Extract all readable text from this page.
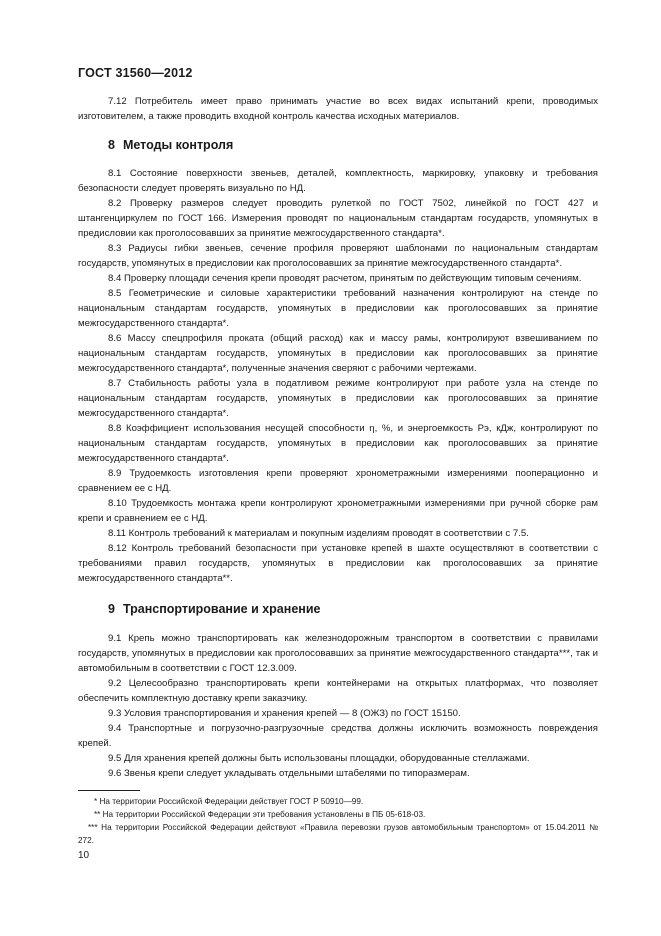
ГОСТ 31560—2012

7.12 Потребитель имеет право принимать участие во всех видах испытаний крепи, проводимых изготовителем, а также проводить входной контроль качества исходных материалов.

8 Методы контроля

8.1 Состояние поверхности звеньев, деталей, комплектность, маркировку, упаковку и требования безопасности следует проверять визуально по НД.

8.2 Проверку размеров следует проводить рулеткой по ГОСТ 7502, линейкой по ГОСТ 427 и штангенциркулем по ГОСТ 166. Измерения проводят по национальным стандартам государств, упомянутых в предисловии как проголосовавших за принятие межгосударственного стандарта*.

8.3 Радиусы гибки звеньев, сечение профиля проверяют шаблонами по национальным стандартам государств, упомянутых в предисловии как проголосовавших за принятие межгосударственного стандарта*.

8.4 Проверку площади сечения крепи проводят расчетом, принятым по действующим типовым сечениям.

8.5 Геометрические и силовые характеристики требований назначения контролируют на стенде по национальным стандартам государств, упомянутых в предисловии как проголосовавших за принятие межгосударственного стандарта*.

8.6 Массу спецпрофиля проката (общий расход) как и массу рамы, контролируют взвешиванием по национальным стандартам государств, упомянутых в предисловии как проголосовавших за принятие межгосударственного стандарта*, полученные значения сверяют с рабочими чертежами.

8.7 Стабильность работы узла в податливом режиме контролируют при работе узла на стенде по национальным стандартам государств, упомянутых в предисловии как проголосовавших за принятие межгосударственного стандарта*.

8.8 Коэффициент использования несущей способности η, %, и энергоемкость Pэ, кДж, контролируют по национальным стандартам государств, упомянутых в предисловии как проголосовавших за принятие межгосударственного стандарта*.

8.9 Трудоемкость изготовления крепи проверяют хронометражными измерениями пооперационно и сравнением ее с НД.

8.10 Трудоемкость монтажа крепи контролируют хронометражными измерениями при ручной сборке рам крепи и сравнением ее с НД.

8.11 Контроль требований к материалам и покупным изделиям проводят в соответствии с 7.5.

8.12 Контроль требований безопасности при установке крепей в шахте осуществляют в соответствии с требованиями правил государств, упомянутых в предисловии как проголосовавших за принятие межгосударственного стандарта**.

9 Транспортирование и хранение

9.1 Крепь можно транспортировать как железнодорожным транспортом в соответствии с правилами государств, упомянутых в предисловии как проголосовавших за принятие межгосударственного стандарта***, так и автомобильным в соответствии с ГОСТ 12.3.009.

9.2 Целесообразно транспортировать крепи контейнерами на открытых платформах, что позволяет обеспечить комплектную доставку крепи заказчику.

9.3 Условия транспортирования и хранения крепей — 8 (ОЖЗ) по ГОСТ 15150.

9.4 Транспортные и погрузочно-разгрузочные средства должны исключить возможность повреждения крепей.

9.5 Для хранения крепей должны быть использованы площадки, оборудованные стеллажами.

9.6 Звенья крепи следует укладывать отдельными штабелями по типоразмерам.

* На территории Российской Федерации действует ГОСТ Р 50910—99.

** На территории Российской Федерации эти требования установлены в ПБ 05-618-03.

*** На территории Российской Федерации действуют «Правила перевозки грузов автомобильным транспортом» от 15.04.2011 № 272.

10
